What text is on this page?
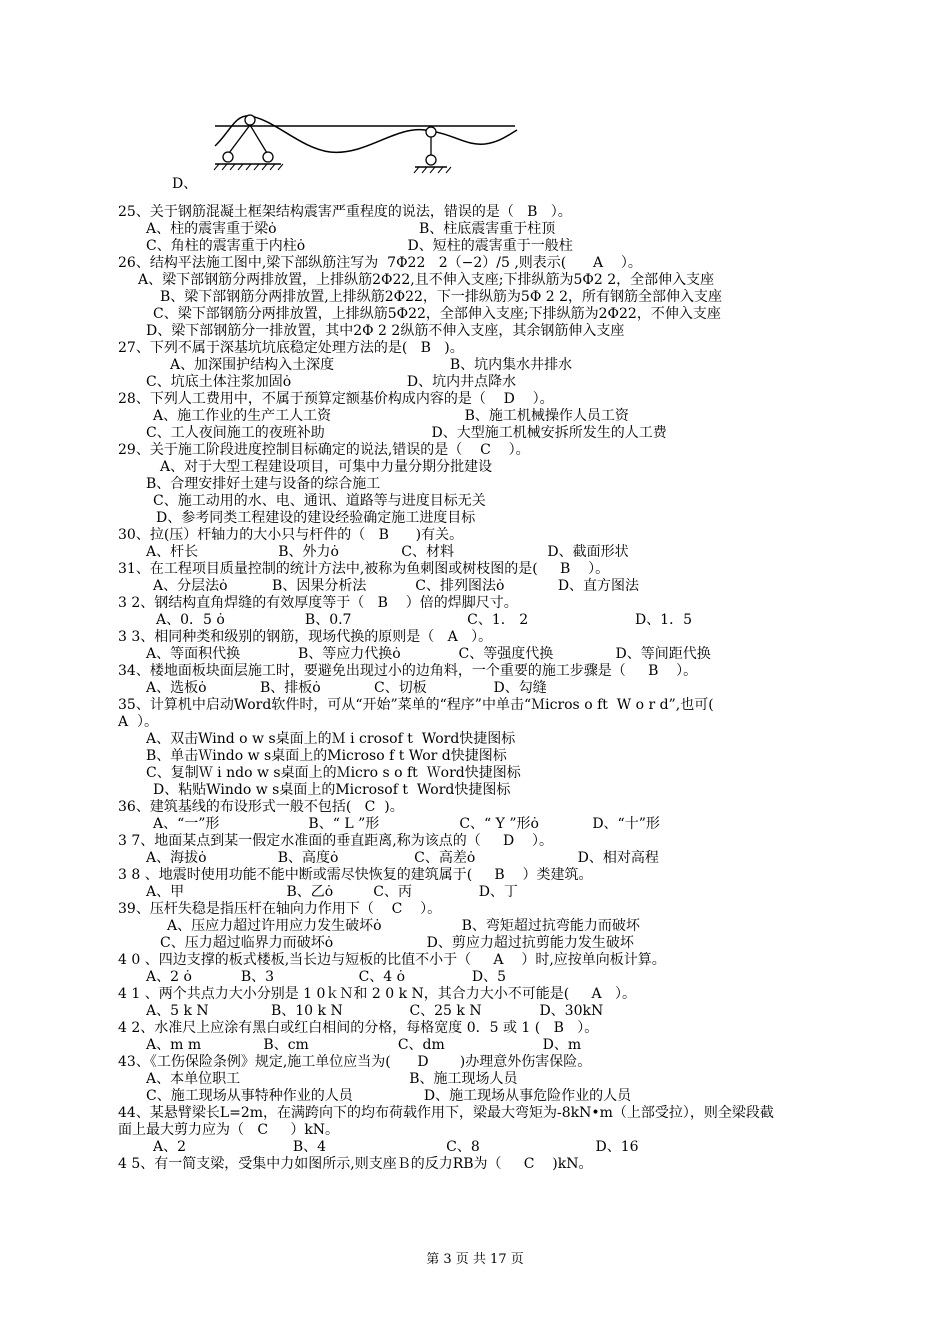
D、
25、关于钢筋混凝土框架结构震害严重程度的说法，错误的是（   B   ）。
A、柱的震害重于梁ȯ                                B、柱底震害重于柱顶
C、角柱的震害重于内柱ȯ                       D、短柱的震害重于一般柱
26、结构平法施工图中,梁下部纵筋注写为  7Φ22   2（−2）/5 ,则表示(      A    ）。
A、梁下部钢筋分两排放置，上排纵筋2Φ22,且不伸入支座;下排纵筋为5Φ2 2，全部伸入支座
B、梁下部钢筋分两排放置,上排纵筋2Φ22，下一排纵筋为5Φ 2 2，所有钢筋全部伸入支座
C、梁下部钢筋分两排放置，上排纵筋5Φ22，全部伸入支座;下排纵筋为2Φ22，不伸入支座
D、梁下部钢筋分一排放置，其中2Φ 2 2纵筋不伸入支座，其余钢筋伸入支座
27、下列不属于深基坑坑底稳定处理方法的是(   B   )。
A、加深围护结构入土深度                          B、坑内集水井排水
C、坑底土体注浆加固ȯ                          D、坑内井点降水
28、下列人工费用中，不属于预算定额基价构成内容的是（    D    ）。
A、施工作业的生产工人工资                              B、施工机械操作人员工资
C、工人夜间施工的夜班补助                        D、大型施工机械安拆所发生的人工费
29、关于施工阶段进度控制目标确定的说法,错误的是（    C    ）。
A、对于大型工程建设项目，可集中力量分期分批建设
B、合理安排好土建与设备的综合施工
C、施工动用的水、电、通讯、道路等与进度目标无关
D、参考同类工程建设的建设经验确定施工进度目标
30、拉(压）杆轴力的大小只与杆件的（   B      )有关。
A、杆长                  B、外力ȯ              C、材料                     D、截面形状
31、在工程项目质量控制的统计方法中,被称为鱼刺图或树枝图的是(     B    ）。
A、分层法ȯ          B、因果分析法           C、排列图法ȯ            D、直方图法
3 2、钢结构直角焊缝的有效厚度等于（   B    ）倍的焊脚尺寸。
A、0．5 ȯ                  B、0.7                          C、1． 2                        D、1．5
3 3、相同种类和级别的钢筋，现场代换的原则是（   A   ）。
A、等面积代换             B、等应力代换ȯ             C、等强度代换              D、等间距代换
34、楼地面板块面层施工时，要避免出现过小的边角料，一个重要的施工步骤是（     B    ）。
A、选板ȯ            B、排板ȯ            C、切板               D、勾缝
35、计算机中启动Word软件时，可从“开始”菜单的“程序”中单击“Ｍicros o ft  W o r d”,也可(
A  ）。
A、双击Wind o w s桌面上的Ｍ i crosof t  Word快捷图标
B、单击Ｗindo w s桌面上的Microso f t Wor d快捷图标
C、复制Ｗ i ndo w s桌面上的Ｍicro s o ft  Ｗord快捷图标
D、粘贴Windo w s桌面上的Microsof t  Word快捷图标
36、建筑基线的布设形式一般不包括(   C  )。
A、“一”形                    B、“ L ”形                  C、“ Y ”形ȯ            D、“十”形
3 7、地面某点到某一假定水准面的垂直距离,称为该点的（     D    ）。
A、海拔ȯ                B、高度ȯ                 C、高差ȯ                       D、相对高程
3 8 、地震时使用功能不能中断或需尽快恢复的建筑属于(     B    ）类建筑。
A、甲                       B、乙ȯ         C、丙               D、丁
39、压杆失稳是指压杆在轴向力作用下（    C    ）。
A、压应力超过许用应力发生破坏ȯ                  B、弯矩超过抗弯能力而破坏
C、压力超过临界力而破坏ȯ                     D、剪应力超过抗剪能力发生破坏
4 0 、四边支撑的板式楼板,当长边与短板的比值不小于（     A    ）时,应按单向板计算。
A、2 ȯ           B、3                   C、4 ȯ               D、5
4 1 、两个共点力大小分别是 1 0ｋＮ和 2 0 k N，其合力大小不可能是(     A   ）。
A、5 k N              B、10 k N               C、25 k N             D、30kN
4 2、水准尺上应涂有黑白或红白相间的分格，每格宽度 0．5 或 1 (   B   ）。
A、m m              B、cm                    C、dm                      D、m
43、《工伤保险条例》规定,施工单位应当为(      D       )办理意外伤害保险。
A、本单位职工                                      B、施工现场人员
C、施工现场从事特种作业的人员                D、施工现场从事危险作业的人员
44、某悬臂梁长L=2m，在满跨向下的均布荷载作用下，梁最大弯矩为-8kN•m（上部受拉），则全梁段截
面上最大剪力应为（   C     ）kN。
A、2                        B、4                           C、8                          D、16
4 5、有一简支梁，受集中力如图所示,则支座Ｂ的反力RB为（     C    )kN。
第 3 页 共 17 页
